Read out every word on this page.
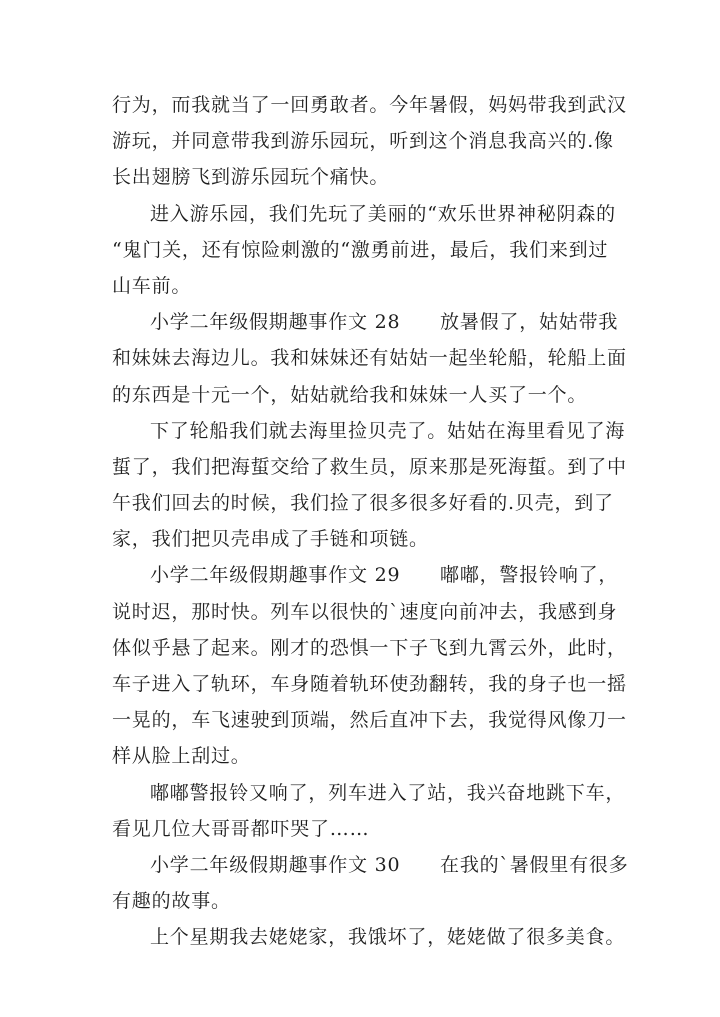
行为，而我就当了一回勇敢者。今年暑假，妈妈带我到武汉
游玩，并同意带我到游乐园玩，听到这个消息我高兴的.像
长出翅膀飞到游乐园玩个痛快。
进入游乐园，我们先玩了美丽的“欢乐世界神秘阴森的
“鬼门关，还有惊险刺激的“激勇前进，最后，我们来到过
山车前。
小学二年级假期趣事作文 28　　放暑假了，姑姑带我
和妹妹去海边儿。我和妹妹还有姑姑一起坐轮船，轮船上面
的东西是十元一个，姑姑就给我和妹妹一人买了一个。
下了轮船我们就去海里捡贝壳了。姑姑在海里看见了海
蜇了，我们把海蜇交给了救生员，原来那是死海蜇。到了中
午我们回去的时候，我们捡了很多很多好看的.贝壳，到了
家，我们把贝壳串成了手链和项链。
小学二年级假期趣事作文 29　　嘟嘟，警报铃响了，
说时迟，那时快。列车以很快的`速度向前冲去，我感到身
体似乎悬了起来。刚才的恐惧一下子飞到九霄云外，此时，
车子进入了轨环，车身随着轨环使劲翻转，我的身子也一摇
一晃的，车飞速驶到顶端，然后直冲下去，我觉得风像刀一
样从脸上刮过。
嘟嘟警报铃又响了，列车进入了站，我兴奋地跳下车，
看见几位大哥哥都吓哭了……
小学二年级假期趣事作文 30　　在我的`暑假里有很多
有趣的故事。
上个星期我去姥姥家，我饿坏了，姥姥做了很多美食。
